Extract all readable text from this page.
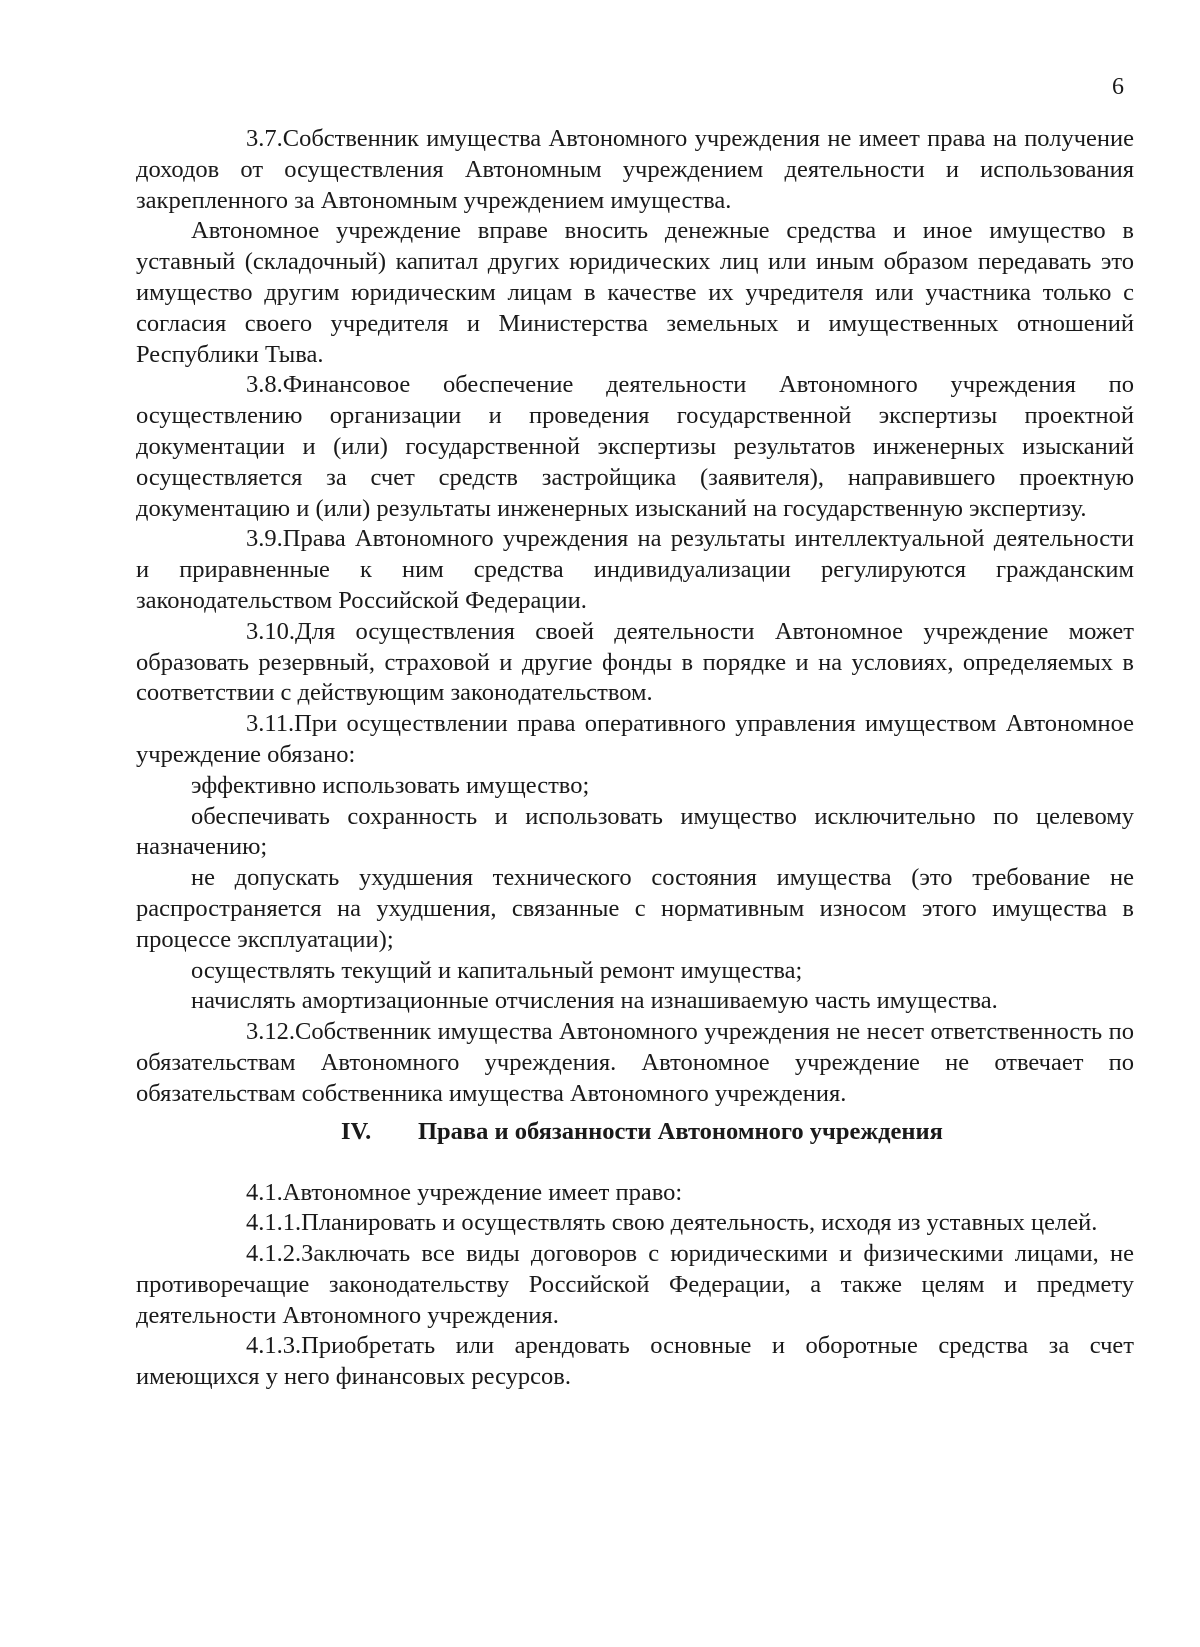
6

3.7.Собственник имущества Автономного учреждения не имеет права на получение доходов от осуществления Автономным учреждением деятельности и использования закрепленного за Автономным учреждением имущества.

Автономное учреждение вправе вносить денежные средства и иное имущество в уставный (складочный) капитал других юридических лиц или иным образом передавать это имущество другим юридическим лицам в качестве их учредителя или участника только с согласия своего учредителя и Министерства земельных и имущественных отношений Республики Тыва.

3.8.Финансовое обеспечение деятельности Автономного учреждения по осуществлению организации и проведения государственной экспертизы проектной документации и (или) государственной экспертизы результатов инженерных изысканий осуществляется за счет средств застройщика (заявителя), направившего проектную документацию и (или) результаты инженерных изысканий на государственную экспертизу.

3.9.Права Автономного учреждения на результаты интеллектуальной деятельности и приравненные к ним средства индивидуализации регулируются гражданским законодательством Российской Федерации.

3.10.Для осуществления своей деятельности Автономное учреждение может образовать резервный, страховой и другие фонды в порядке и на условиях, определяемых в соответствии с действующим законодательством.

3.11.При осуществлении права оперативного управления имуществом Автономное учреждение обязано:

эффективно использовать имущество;

обеспечивать сохранность и использовать имущество исключительно по целевому назначению;

не допускать ухудшения технического состояния имущества (это требование не распространяется на ухудшения, связанные с нормативным износом этого имущества в процессе эксплуатации);

осуществлять текущий и капитальный ремонт имущества;

начислять амортизационные отчисления на изнашиваемую часть имущества.

3.12.Собственник имущества Автономного учреждения не несет ответственность по обязательствам Автономного учреждения. Автономное учреждение не отвечает по обязательствам собственника имущества Автономного учреждения.

IV. Права и обязанности Автономного учреждения

4.1.Автономное учреждение имеет право:

4.1.1.Планировать и осуществлять свою деятельность, исходя из уставных целей.

4.1.2.Заключать все виды договоров с юридическими и физическими лицами, не противоречащие законодательству Российской Федерации, а также целям и предмету деятельности Автономного учреждения.

4.1.3.Приобретать или арендовать основные и оборотные средства за счет имеющихся у него финансовых ресурсов.
